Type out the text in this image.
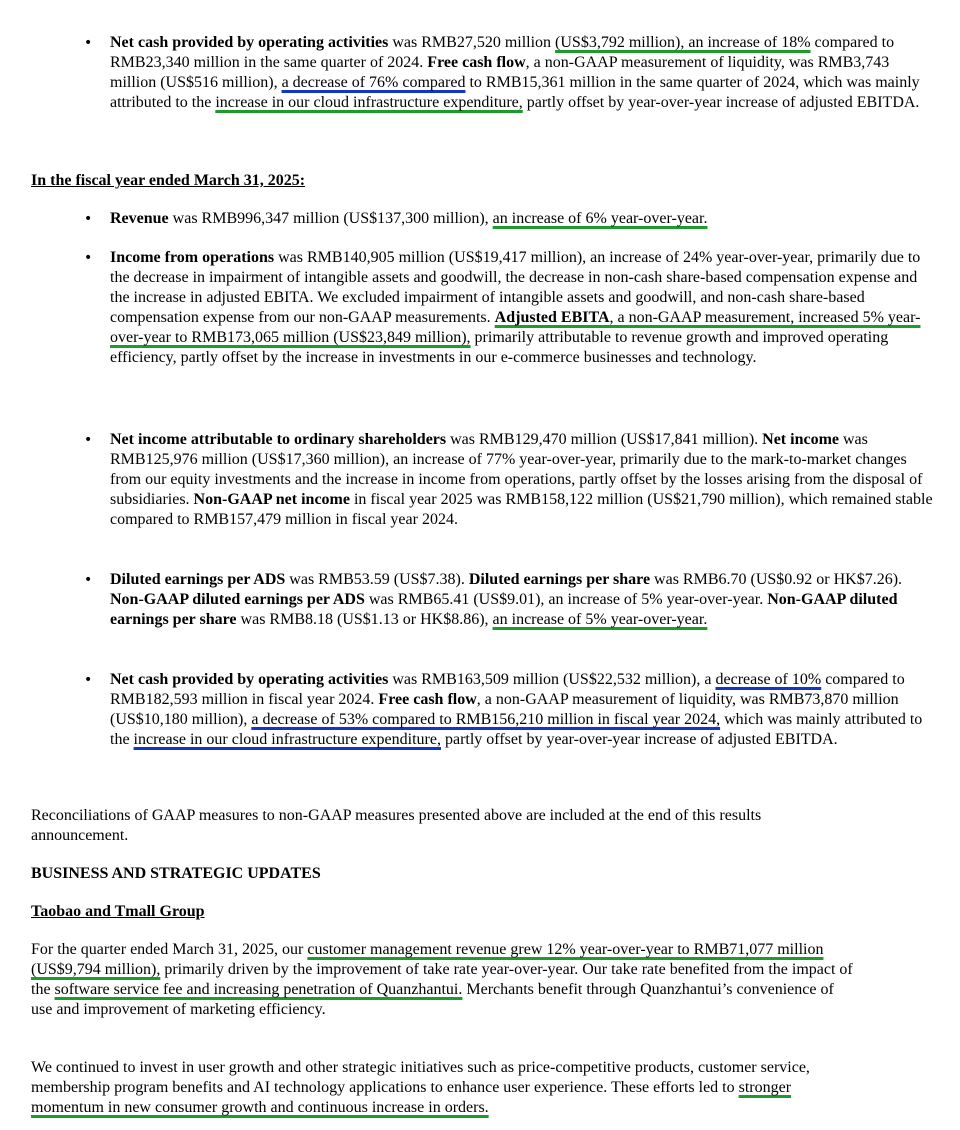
• Net cash provided by operating activities was RMB27,520 million (US$3,792 million), an increase of 18% compared to RMB23,340 million in the same quarter of 2024. Free cash flow, a non-GAAP measurement of liquidity, was RMB3,743 million (US$516 million), a decrease of 76% compared to RMB15,361 million in the same quarter of 2024, which was mainly attributed to the increase in our cloud infrastructure expenditure, partly offset by year-over-year increase of adjusted EBITDA.
In the fiscal year ended March 31, 2025:
• Revenue was RMB996,347 million (US$137,300 million), an increase of 6% year-over-year.
• Income from operations was RMB140,905 million (US$19,417 million), an increase of 24% year-over-year, primarily due to the decrease in impairment of intangible assets and goodwill, the decrease in non-cash share-based compensation expense and the increase in adjusted EBITA. We excluded impairment of intangible assets and goodwill, and non-cash share-based compensation expense from our non-GAAP measurements. Adjusted EBITA, a non-GAAP measurement, increased 5% year-over-year to RMB173,065 million (US$23,849 million), primarily attributable to revenue growth and improved operating efficiency, partly offset by the increase in investments in our e-commerce businesses and technology.
• Net income attributable to ordinary shareholders was RMB129,470 million (US$17,841 million). Net income was RMB125,976 million (US$17,360 million), an increase of 77% year-over-year, primarily due to the mark-to-market changes from our equity investments and the increase in income from operations, partly offset by the losses arising from the disposal of subsidiaries. Non-GAAP net income in fiscal year 2025 was RMB158,122 million (US$21,790 million), which remained stable compared to RMB157,479 million in fiscal year 2024.
• Diluted earnings per ADS was RMB53.59 (US$7.38). Diluted earnings per share was RMB6.70 (US$0.92 or HK$7.26). Non-GAAP diluted earnings per ADS was RMB65.41 (US$9.01), an increase of 5% year-over-year. Non-GAAP diluted earnings per share was RMB8.18 (US$1.13 or HK$8.86), an increase of 5% year-over-year.
• Net cash provided by operating activities was RMB163,509 million (US$22,532 million), a decrease of 10% compared to RMB182,593 million in fiscal year 2024. Free cash flow, a non-GAAP measurement of liquidity, was RMB73,870 million (US$10,180 million), a decrease of 53% compared to RMB156,210 million in fiscal year 2024, which was mainly attributed to the increase in our cloud infrastructure expenditure, partly offset by year-over-year increase of adjusted EBITDA.
Reconciliations of GAAP measures to non-GAAP measures presented above are included at the end of this results announcement.
BUSINESS AND STRATEGIC UPDATES
Taobao and Tmall Group
For the quarter ended March 31, 2025, our customer management revenue grew 12% year-over-year to RMB71,077 million (US$9,794 million), primarily driven by the improvement of take rate year-over-year. Our take rate benefited from the impact of the software service fee and increasing penetration of Quanzhantui. Merchants benefit through Quanzhantui’s convenience of use and improvement of marketing efficiency.
We continued to invest in user growth and other strategic initiatives such as price-competitive products, customer service, membership program benefits and AI technology applications to enhance user experience. These efforts led to stronger momentum in new consumer growth and continuous increase in orders.
